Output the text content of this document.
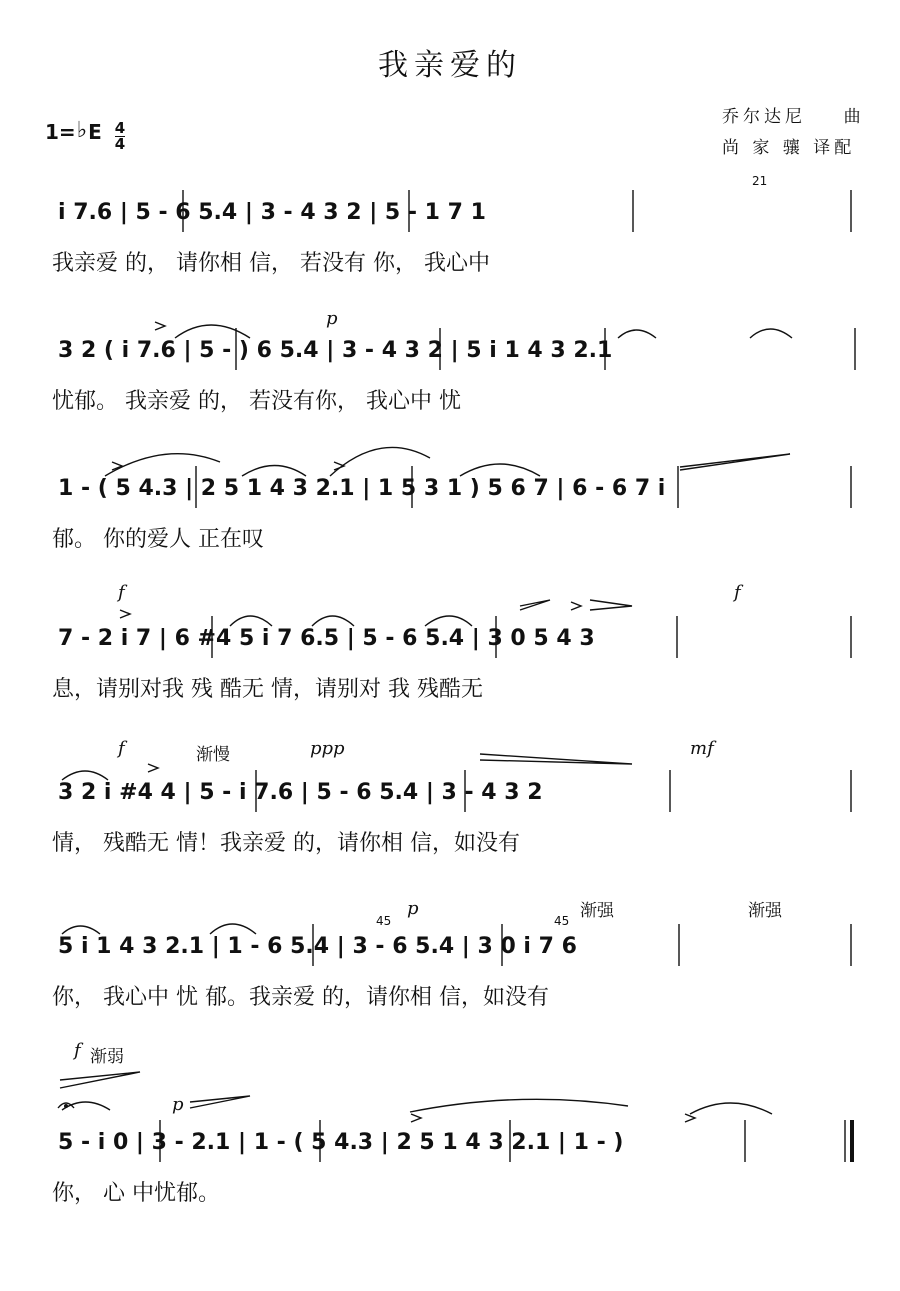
我亲爱的
乔尔达尼    曲
尚 家 骧 译配
1=♭E $\frac{4}{4}$
i 7.6 | 5 - 6 5.4 | 3 - 4 3 2 | 5 - 1 7 1
21
我亲爱 的， 请你相 信， 若没有 你， 我心中
p
3 2 ( i 7.6 | 5 - ) 6 5.4 | 3 - 4 3 2 | 5 i 1 4 3 2.1
忧郁。 我亲爱 的， 若没有你， 我心中 忧
1 - ( 5 4.3 | 2 5 1 4 3 2.1 | 1 5 3 1 ) 5 6 7 | 6 - 6 7 i
郁。 你的爱人 正在叹
f	f
7 - 2 i 7 | 6 #4 5 i 7 6.5 | 5 - 6 5.4 | 3 0 5 4 3
息，请别对我 残 酷无 情，请别对 我 残酷无
f	渐慢	ppp	mf
3 2 i #4 4 | 5 - i 7.6 | 5 - 6 5.4 | 3 - 4 3 2
情， 残酷无 情！我亲爱 的，请你相 信，如没有
45	45
p	渐强	渐强
5 i 1 4 3 2.1 | 1 - 6 5.4 | 3 - 6 5.4 | 3 0 i 7 6
你， 我心中 忧 郁。我亲爱 的，请你相 信，如没有
f 渐弱
p
5 - i 0 | 3 - 2.1 | 1 - ( 5 4.3 | 2 5 1 4 3 2.1 | 1 - )
你， 心 中忧郁。
